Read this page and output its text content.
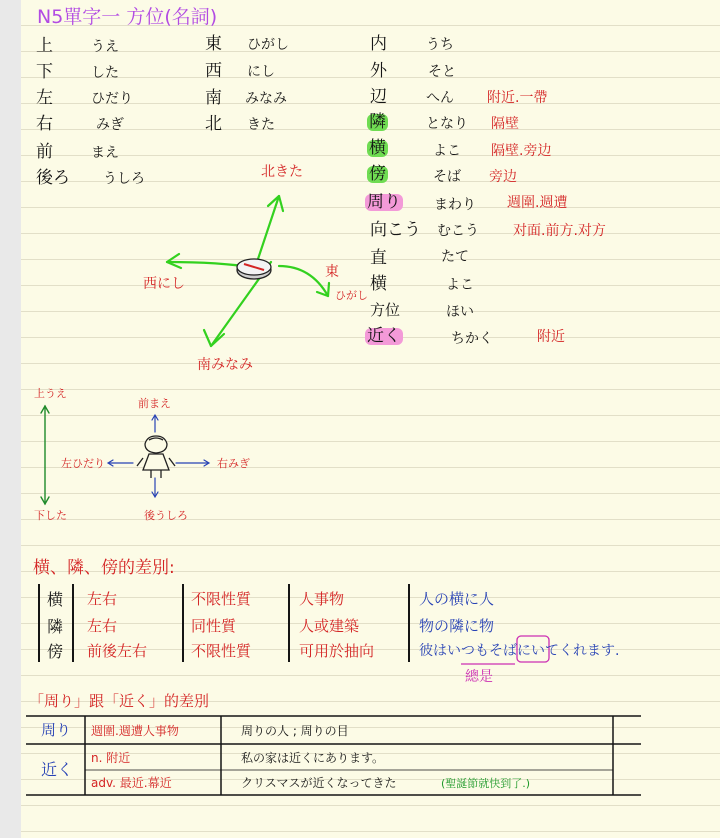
N5單字一 方位(名詞)
上	うえ
下	した
左	ひだり
右	みぎ
前	まえ
後ろ うしろ
東 ひがし
西 にし
南 みなみ
北 きた
内	うち
外	そと
辺	へん 附近.一帶
隣	となり 隔壁
横	よこ 隔壁.旁边
傍	そば 旁边
周り まわり 週圍.週遭
向こう むこう 对面.前方.对方
直	たて
横	よこ
方位	ほい
近く	ちかく	附近
北きた
西にし
東
ひがし
南みなみ
上うえ
下した
前まえ
後うしろ
左ひだり	右みぎ
横、隣、傍的差別:
横 左右	不限性質	人事物	人の横に人
隣 左右	同性質	人或建築	物の隣に物
傍 前後左右	不限性質	可用於抽向	彼はいつもそばにいてくれます.
總是
「周り」跟「近く」的差別
周り 週圍.週遭人事物	周りの人 ; 周りの目
近く
n. 附近	私の家は近くにあります。
adv. 最近.幕近	クリスマスが近くなってきた	(聖誕節就快到了.)
